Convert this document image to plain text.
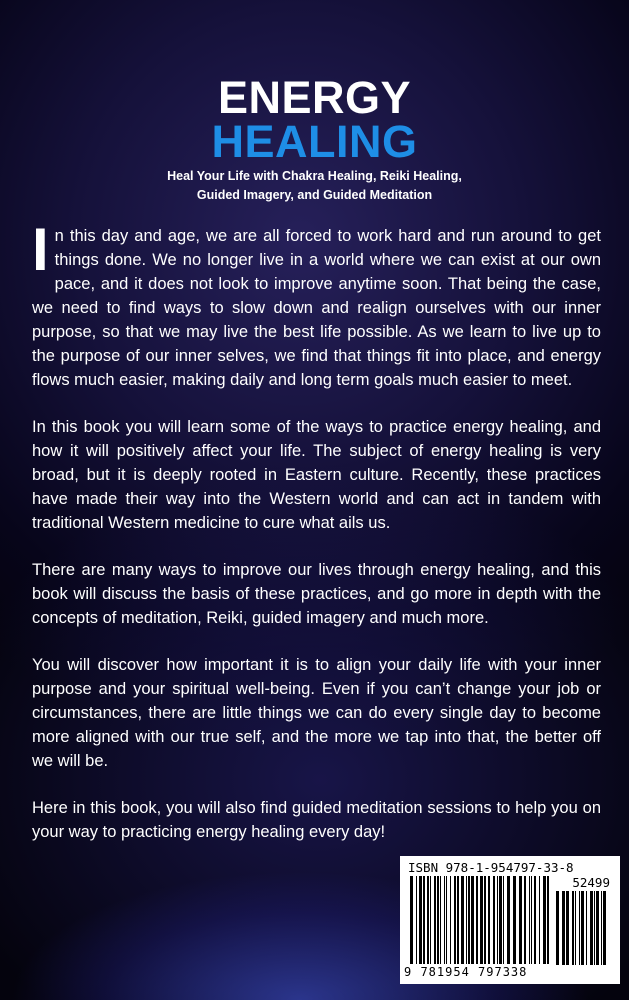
ENERGY
HEALING
Heal Your Life with Chakra Healing, Reiki Healing,
Guided Imagery, and Guided Meditation

In this day and age, we are all forced to work hard and run around to get things done. We no longer live in a world where we can exist at our own pace, and it does not look to improve anytime soon. That being the case, we need to find ways to slow down and realign ourselves with our inner purpose, so that we may live the best life possible. As we learn to live up to the purpose of our inner selves, we find that things fit into place, and energy flows much easier, making daily and long term goals much easier to meet.

In this book you will learn some of the ways to practice energy healing, and how it will positively affect your life. The subject of energy healing is very broad, but it is deeply rooted in Eastern culture. Recently, these practices have made their way into the Western world and can act in tandem with traditional Western medicine to cure what ails us.

There are many ways to improve our lives through energy healing, and this book will discuss the basis of these practices, and go more in depth with the concepts of meditation, Reiki, guided imagery and much more.

You will discover how important it is to align your daily life with your inner purpose and your spiritual well-being. Even if you can’t change your job or circumstances, there are little things we can do every single day to become more aligned with our true self, and the more we tap into that, the better off we will be.

Here in this book, you will also find guided meditation sessions to help you on your way to practicing energy healing every day!

ISBN 978-1-954797-33-8
52499
9 781954 797338
